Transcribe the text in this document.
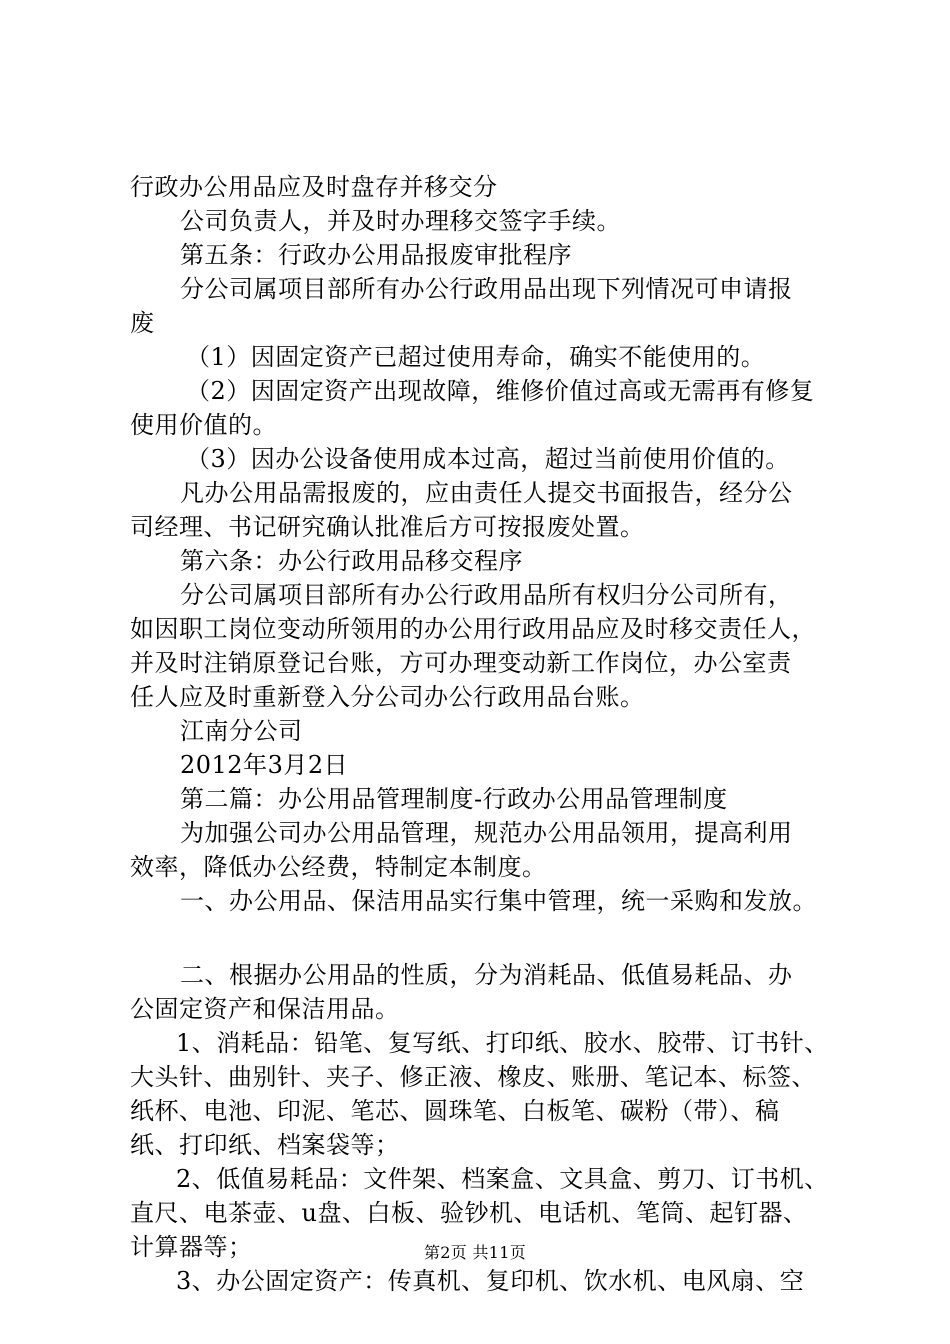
行政办公用品应及时盘存并移交分
公司负责人，并及时办理移交签字手续。
第五条：行政办公用品报废审批程序
分公司属项目部所有办公行政用品出现下列情况可申请报
废
（1）因固定资产已超过使用寿命，确实不能使用的。
（2）因固定资产出现故障，维修价值过高或无需再有修复
使用价值的。
（3）因办公设备使用成本过高，超过当前使用价值的。
凡办公用品需报废的，应由责任人提交书面报告，经分公
司经理、书记研究确认批准后方可按报废处置。
第六条：办公行政用品移交程序
分公司属项目部所有办公行政用品所有权归分公司所有，
如因职工岗位变动所领用的办公用行政用品应及时移交责任人，
并及时注销原登记台账，方可办理变动新工作岗位，办公室责
任人应及时重新登入分公司办公行政用品台账。
江南分公司
2012年3月2日
第二篇：办公用品管理制度-行政办公用品管理制度
为加强公司办公用品管理，规范办公用品领用，提高利用
效率，降低办公经费，特制定本制度。
一、办公用品、保洁用品实行集中管理，统一采购和发放。
二、根据办公用品的性质，分为消耗品、低值易耗品、办
公固定资产和保洁用品。
1、消耗品：铅笔、复写纸、打印纸、胶水、胶带、订书针、
大头针、曲别针、夹子、修正液、橡皮、账册、笔记本、标签、
纸杯、电池、印泥、笔芯、圆珠笔、白板笔、碳粉（带）、稿
纸、打印纸、档案袋等；
2、低值易耗品：文件架、档案盒、文具盒、剪刀、订书机、
直尺、电茶壶、u盘、白板、验钞机、电话机、笔筒、起钉器、
计算器等；
3、办公固定资产：传真机、复印机、饮水机、电风扇、空
第2页 共11页
